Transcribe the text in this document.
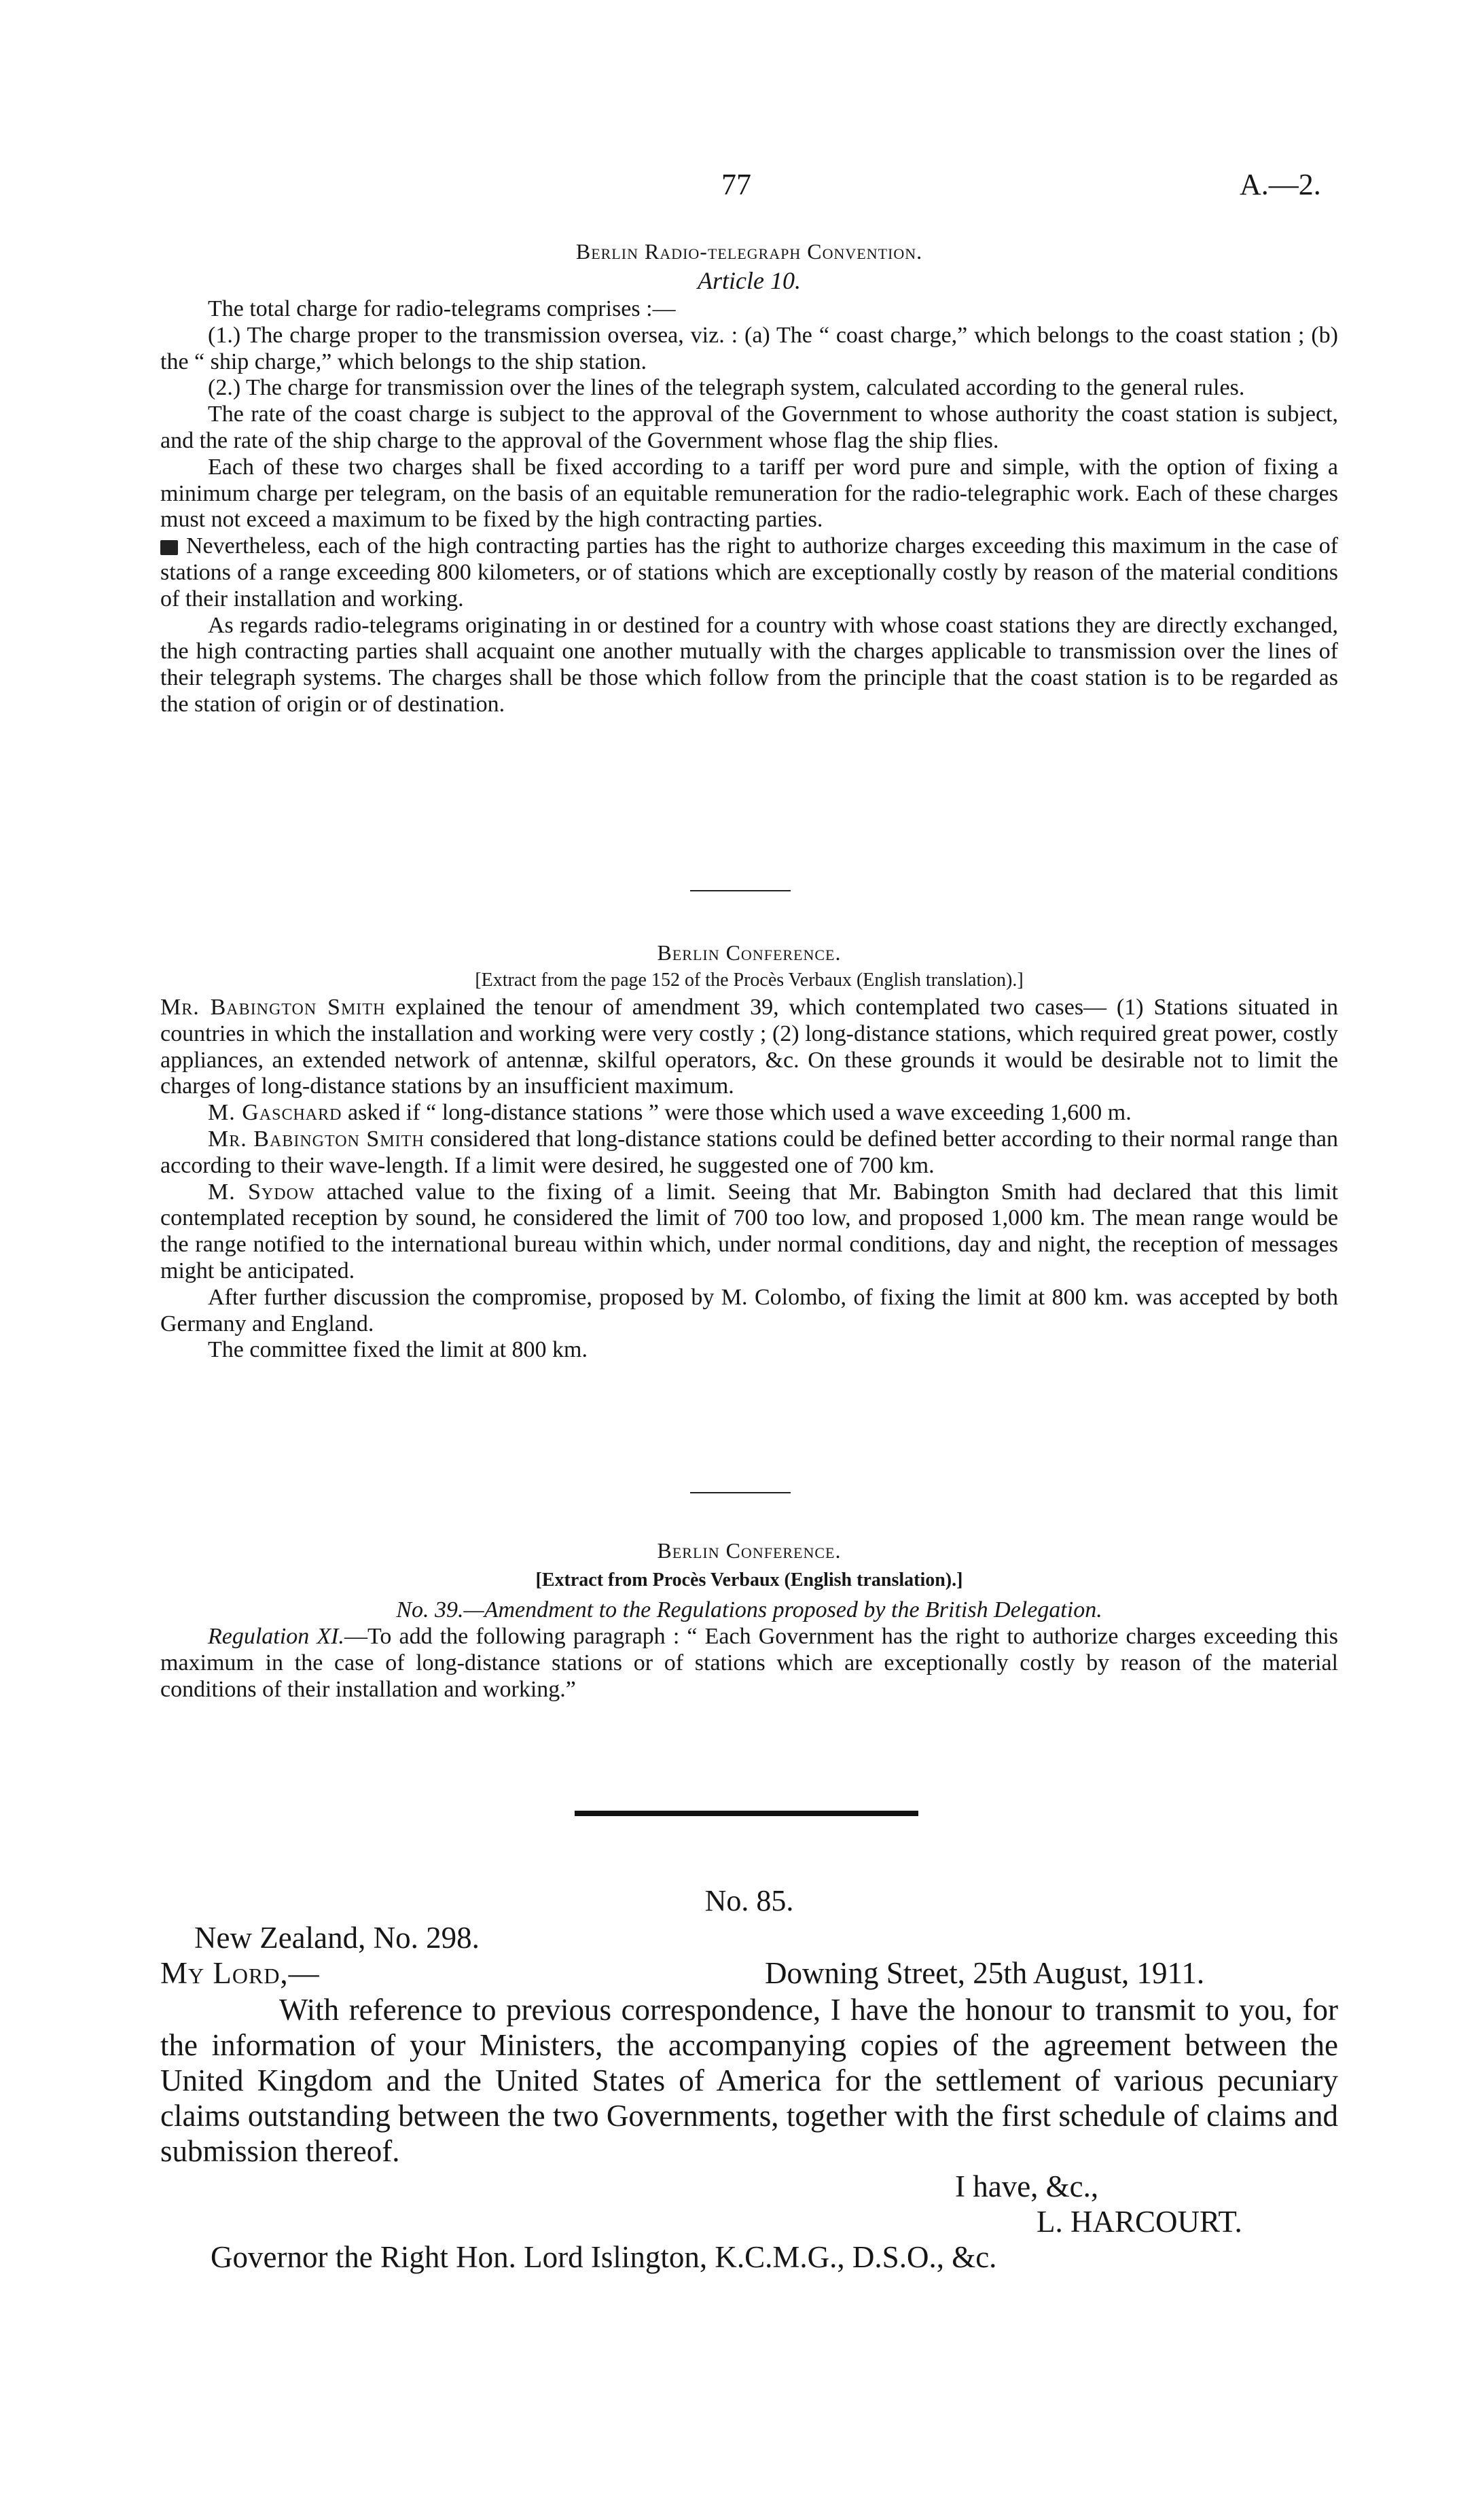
77	A.—2.

Berlin Radio-telegraph Convention.

Article 10.

The total charge for radio-telegrams comprises :—

(1.) The charge proper to the transmission oversea, viz. : (a) The “ coast charge,” which belongs to the coast station ; (b) the “ ship charge,” which belongs to the ship station.

(2.) The charge for transmission over the lines of the telegraph system, calculated according to the general rules.

The rate of the coast charge is subject to the approval of the Government to whose authority the coast station is subject, and the rate of the ship charge to the approval of the Government whose flag the ship flies.

Each of these two charges shall be fixed according to a tariff per word pure and simple, with the option of fixing a minimum charge per telegram, on the basis of an equitable remuneration for the radio-telegraphic work. Each of these charges must not exceed a maximum to be fixed by the high contracting parties.

Nevertheless, each of the high contracting parties has the right to authorize charges exceeding this maximum in the case of stations of a range exceeding 800 kilometers, or of stations which are exceptionally costly by reason of the material conditions of their installation and working.

As regards radio-telegrams originating in or destined for a country with whose coast stations they are directly exchanged, the high contracting parties shall acquaint one another mutually with the charges applicable to transmission over the lines of their telegraph systems. The charges shall be those which follow from the principle that the coast station is to be regarded as the station of origin or of destination.

Berlin Conference.

[Extract from the page 152 of the Procès Verbaux (English translation).]

Mr. Babington Smith explained the tenour of amendment 39, which contemplated two cases— (1) Stations situated in countries in which the installation and working were very costly ; (2) long-distance stations, which required great power, costly appliances, an extended network of antennæ, skilful operators, &c. On these grounds it would be desirable not to limit the charges of long-distance stations by an insufficient maximum.

M. Gaschard asked if “ long-distance stations ” were those which used a wave exceeding 1,600 m.

Mr. Babington Smith considered that long-distance stations could be defined better according to their normal range than according to their wave-length. If a limit were desired, he suggested one of 700 km.

M. Sydow attached value to the fixing of a limit. Seeing that Mr. Babington Smith had declared that this limit contemplated reception by sound, he considered the limit of 700 too low, and proposed 1,000 km. The mean range would be the range notified to the international bureau within which, under normal conditions, day and night, the reception of messages might be anticipated.

After further discussion the compromise, proposed by M. Colombo, of fixing the limit at 800 km. was accepted by both Germany and England.

The committee fixed the limit at 800 km.

Berlin Conference.

[Extract from Procès Verbaux (English translation).]

No. 39.—Amendment to the Regulations proposed by the British Delegation.

Regulation XI.—To add the following paragraph : “ Each Government has the right to authorize charges exceeding this maximum in the case of long-distance stations or of stations which are exceptionally costly by reason of the material conditions of their installation and working.”

No. 85.

New Zealand, No. 298.

My Lord,—	Downing Street, 25th August, 1911.

With reference to previous correspondence, I have the honour to transmit to you, for the information of your Ministers, the accompanying copies of the agreement between the United Kingdom and the United States of America for the settlement of various pecuniary claims outstanding between the two Governments, together with the first schedule of claims and submission thereof.

I have, &c.,

L. HARCOURT.

Governor the Right Hon. Lord Islington, K.C.M.G., D.S.O., &c.
